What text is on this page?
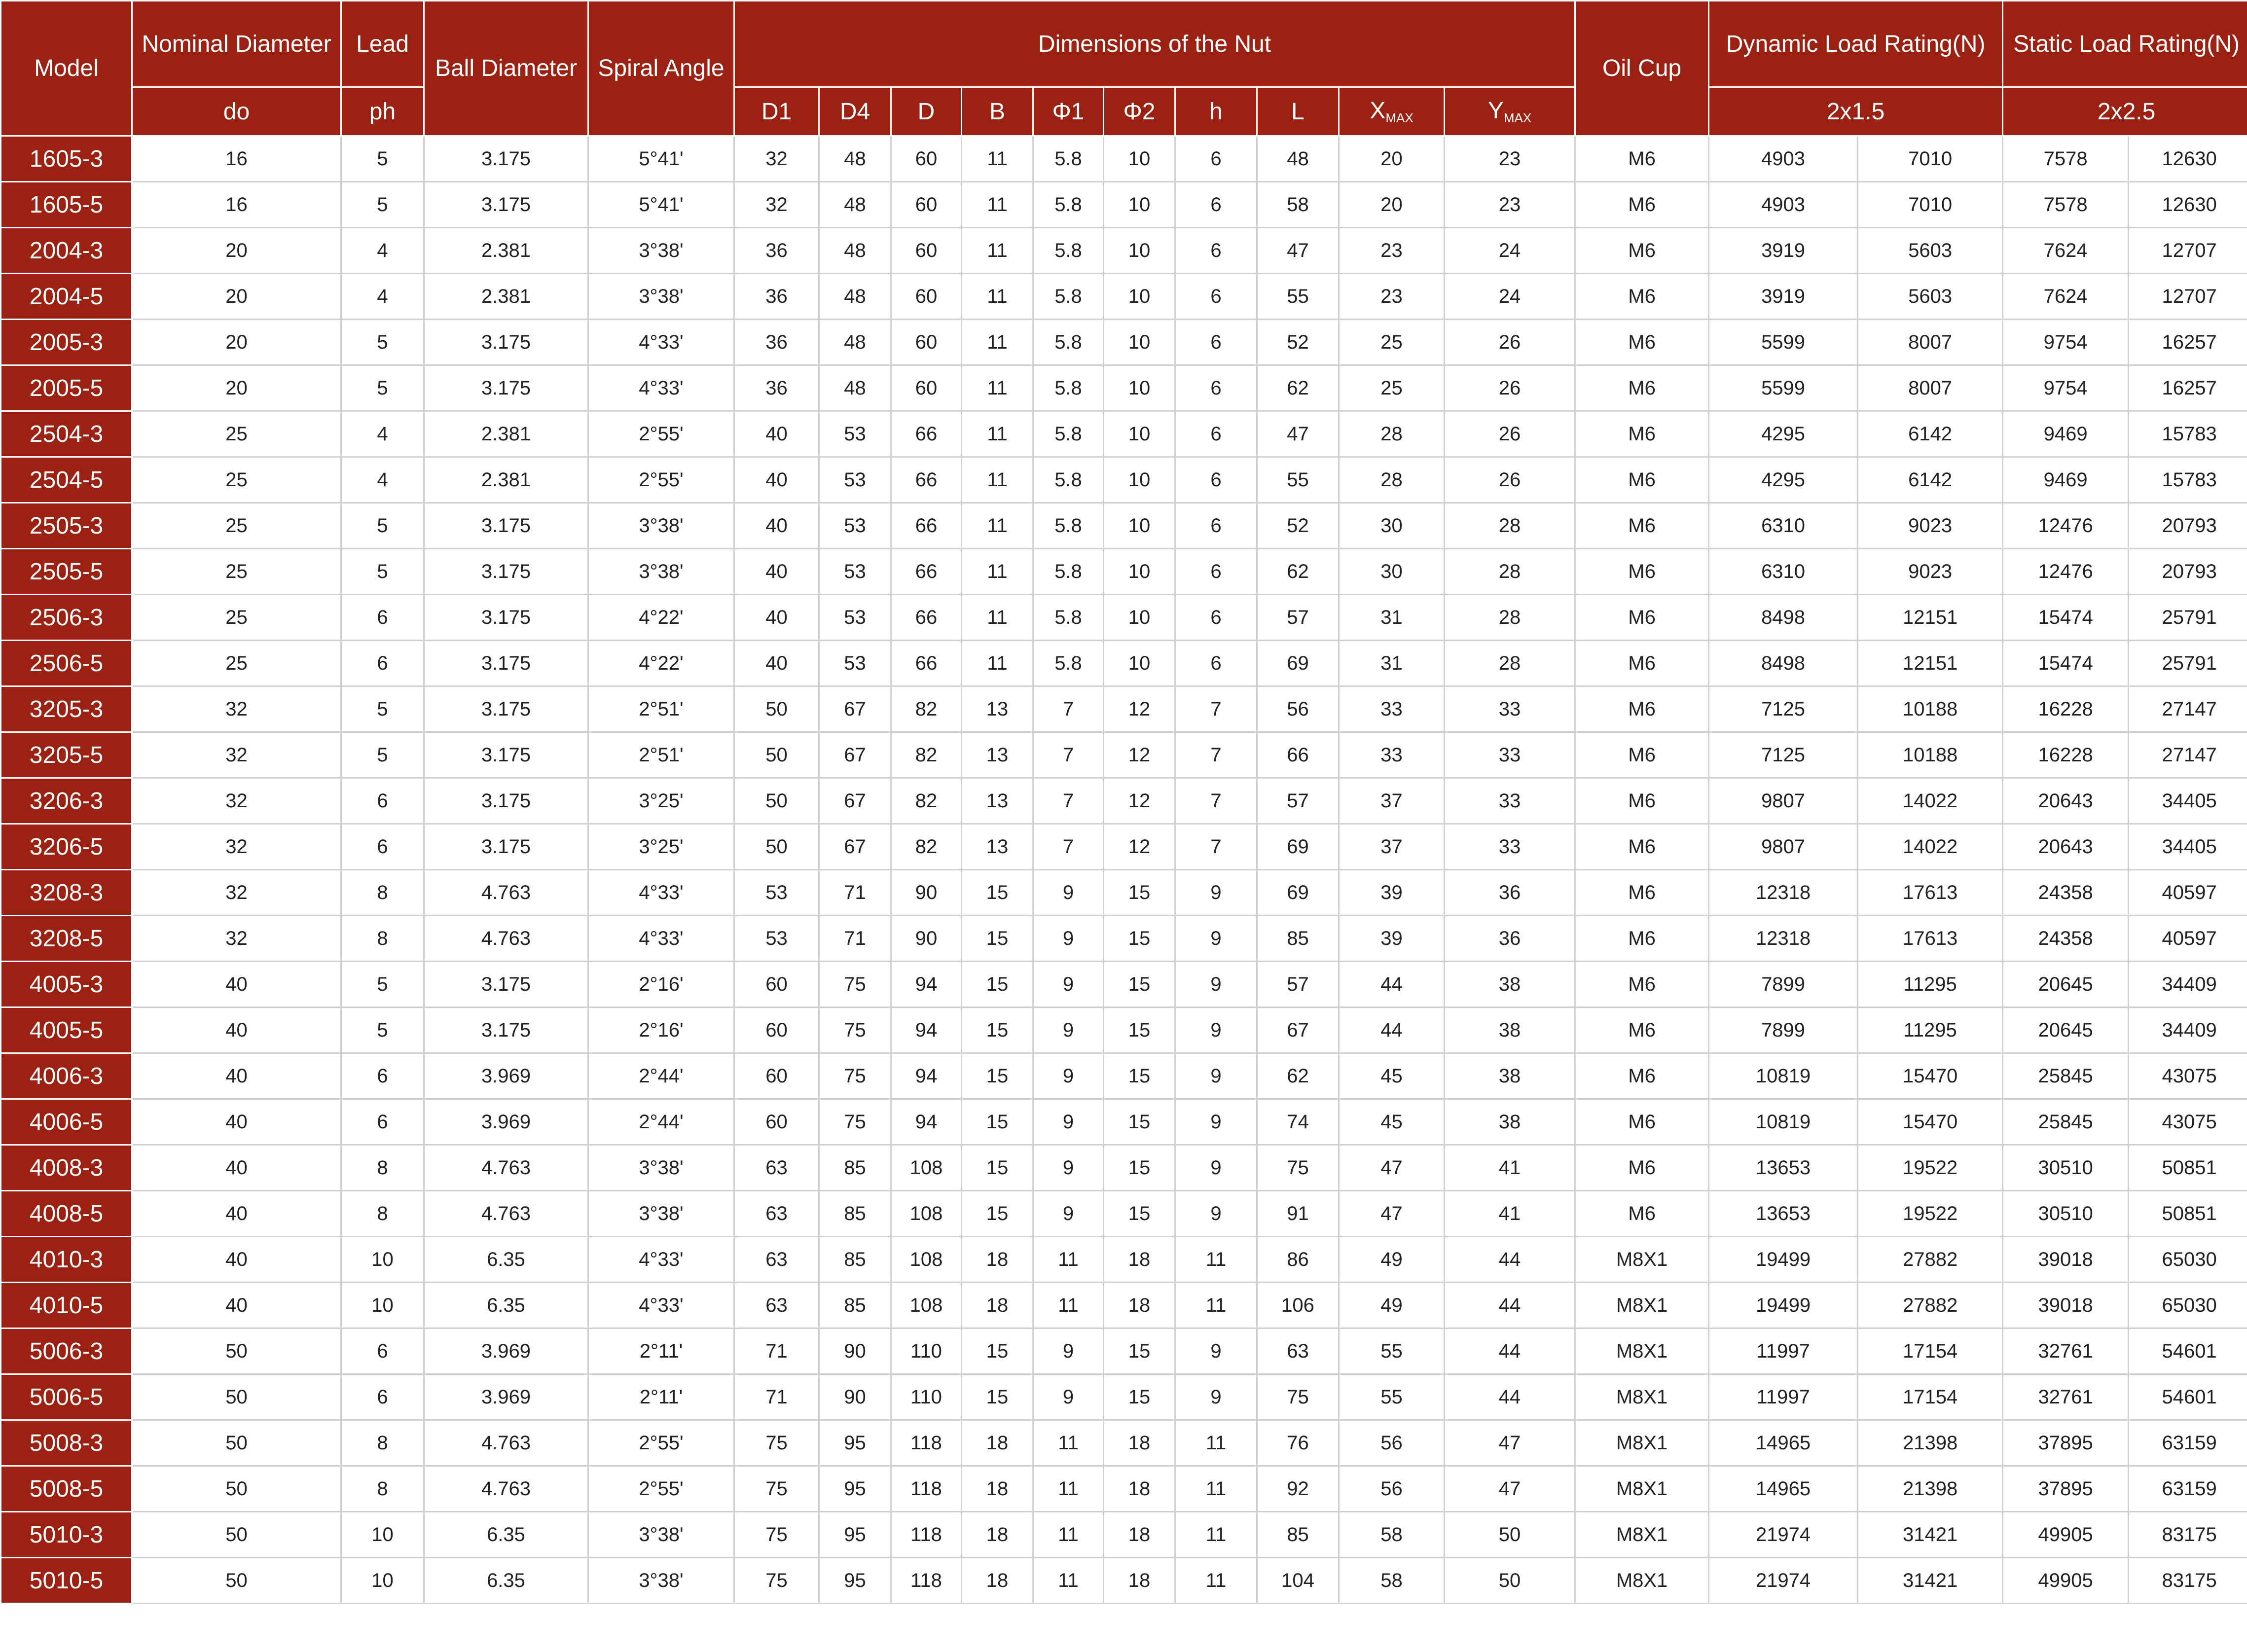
Model	Nominal Diameter	Lead	Ball Diameter	Spiral Angle	Dimensions of the Nut										Oil Cup	Dynamic Load Rating(N)		Static Load Rating(N)	
	do	ph			D1	D4	D	B	Φ1	Φ2	h	L	$X_{MAX}$	$Y_{MAX}$		2x1.5		2x2.5	
1605-3	16	5	3.175	5°41'	32	48	60	11	5.8	10	6	48	20	23	M6	4903	7010	7578	12630
1605-5	16	5	3.175	5°41'	32	48	60	11	5.8	10	6	58	20	23	M6	4903	7010	7578	12630
2004-3	20	4	2.381	3°38'	36	48	60	11	5.8	10	6	47	23	24	M6	3919	5603	7624	12707
2004-5	20	4	2.381	3°38'	36	48	60	11	5.8	10	6	55	23	24	M6	3919	5603	7624	12707
2005-3	20	5	3.175	4°33'	36	48	60	11	5.8	10	6	52	25	26	M6	5599	8007	9754	16257
2005-5	20	5	3.175	4°33'	36	48	60	11	5.8	10	6	62	25	26	M6	5599	8007	9754	16257
2504-3	25	4	2.381	2°55'	40	53	66	11	5.8	10	6	47	28	26	M6	4295	6142	9469	15783
2504-5	25	4	2.381	2°55'	40	53	66	11	5.8	10	6	55	28	26	M6	4295	6142	9469	15783
2505-3	25	5	3.175	3°38'	40	53	66	11	5.8	10	6	52	30	28	M6	6310	9023	12476	20793
2505-5	25	5	3.175	3°38'	40	53	66	11	5.8	10	6	62	30	28	M6	6310	9023	12476	20793
2506-3	25	6	3.175	4°22'	40	53	66	11	5.8	10	6	57	31	28	M6	8498	12151	15474	25791
2506-5	25	6	3.175	4°22'	40	53	66	11	5.8	10	6	69	31	28	M6	8498	12151	15474	25791
3205-3	32	5	3.175	2°51'	50	67	82	13	7	12	7	56	33	33	M6	7125	10188	16228	27147
3205-5	32	5	3.175	2°51'	50	67	82	13	7	12	7	66	33	33	M6	7125	10188	16228	27147
3206-3	32	6	3.175	3°25'	50	67	82	13	7	12	7	57	37	33	M6	9807	14022	20643	34405
3206-5	32	6	3.175	3°25'	50	67	82	13	7	12	7	69	37	33	M6	9807	14022	20643	34405
3208-3	32	8	4.763	4°33'	53	71	90	15	9	15	9	69	39	36	M6	12318	17613	24358	40597
3208-5	32	8	4.763	4°33'	53	71	90	15	9	15	9	85	39	36	M6	12318	17613	24358	40597
4005-3	40	5	3.175	2°16'	60	75	94	15	9	15	9	57	44	38	M6	7899	11295	20645	34409
4005-5	40	5	3.175	2°16'	60	75	94	15	9	15	9	67	44	38	M6	7899	11295	20645	34409
4006-3	40	6	3.969	2°44'	60	75	94	15	9	15	9	62	45	38	M6	10819	15470	25845	43075
4006-5	40	6	3.969	2°44'	60	75	94	15	9	15	9	74	45	38	M6	10819	15470	25845	43075
4008-3	40	8	4.763	3°38'	63	85	108	15	9	15	9	75	47	41	M6	13653	19522	30510	50851
4008-5	40	8	4.763	3°38'	63	85	108	15	9	15	9	91	47	41	M6	13653	19522	30510	50851
4010-3	40	10	6.35	4°33'	63	85	108	18	11	18	11	86	49	44	M8X1	19499	27882	39018	65030
4010-5	40	10	6.35	4°33'	63	85	108	18	11	18	11	106	49	44	M8X1	19499	27882	39018	65030
5006-3	50	6	3.969	2°11'	71	90	110	15	9	15	9	63	55	44	M8X1	11997	17154	32761	54601
5006-5	50	6	3.969	2°11'	71	90	110	15	9	15	9	75	55	44	M8X1	11997	17154	32761	54601
5008-3	50	8	4.763	2°55'	75	95	118	18	11	18	11	76	56	47	M8X1	14965	21398	37895	63159
5008-5	50	8	4.763	2°55'	75	95	118	18	11	18	11	92	56	47	M8X1	14965	21398	37895	63159
5010-3	50	10	6.35	3°38'	75	95	118	18	11	18	11	85	58	50	M8X1	21974	31421	49905	83175
5010-5	50	10	6.35	3°38'	75	95	118	18	11	18	11	104	58	50	M8X1	21974	31421	49905	83175
